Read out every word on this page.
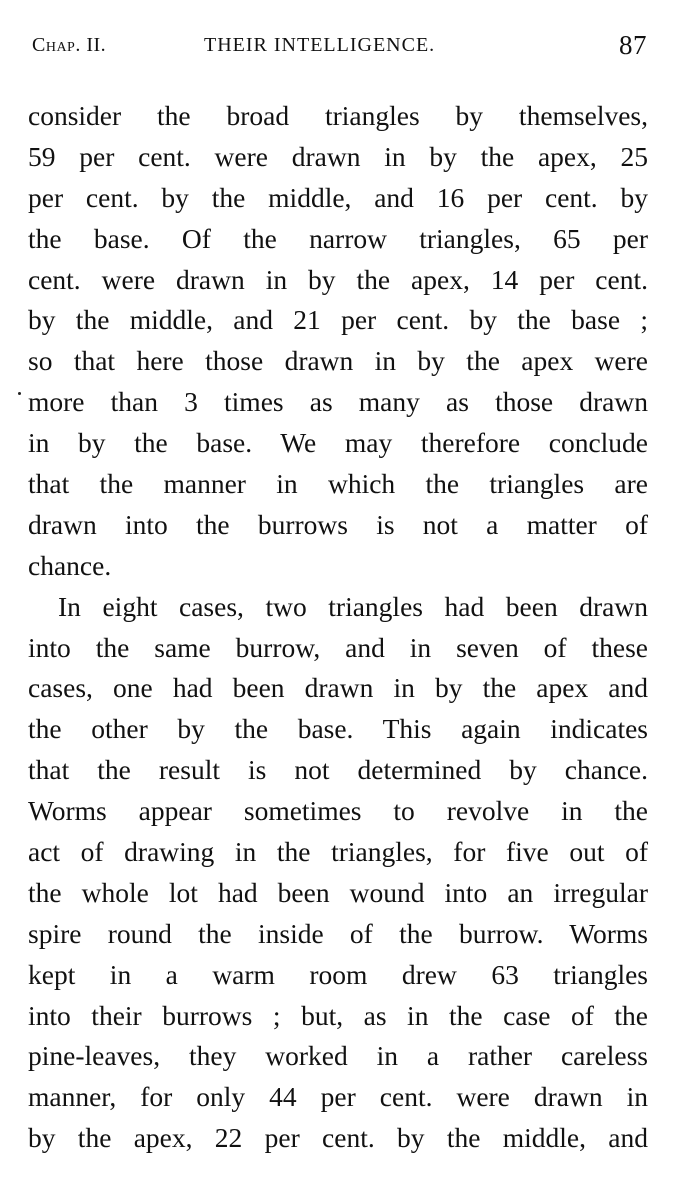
Chap. II.	THEIR INTELLIGENCE.	87
consider the broad triangles by themselves,
59 per cent. were drawn in by the apex, 25
per cent. by the middle, and 16 per cent. by
the base. Of the narrow triangles, 65 per
cent. were drawn in by the apex, 14 per cent.
by the middle, and 21 per cent. by the base ;
so that here those drawn in by the apex were
more than 3 times as many as those drawn
in by the base. We may therefore conclude
that the manner in which the triangles are
drawn into the burrows is not a matter of
chance.
In eight cases, two triangles had been drawn
into the same burrow, and in seven of these
cases, one had been drawn in by the apex and
the other by the base. This again indicates
that the result is not determined by chance.
Worms appear sometimes to revolve in the
act of drawing in the triangles, for five out of
the whole lot had been wound into an irregular
spire round the inside of the burrow. Worms
kept in a warm room drew 63 triangles
into their burrows ; but, as in the case of the
pine-leaves, they worked in a rather careless
manner, for only 44 per cent. were drawn in
by the apex, 22 per cent. by the middle, and
